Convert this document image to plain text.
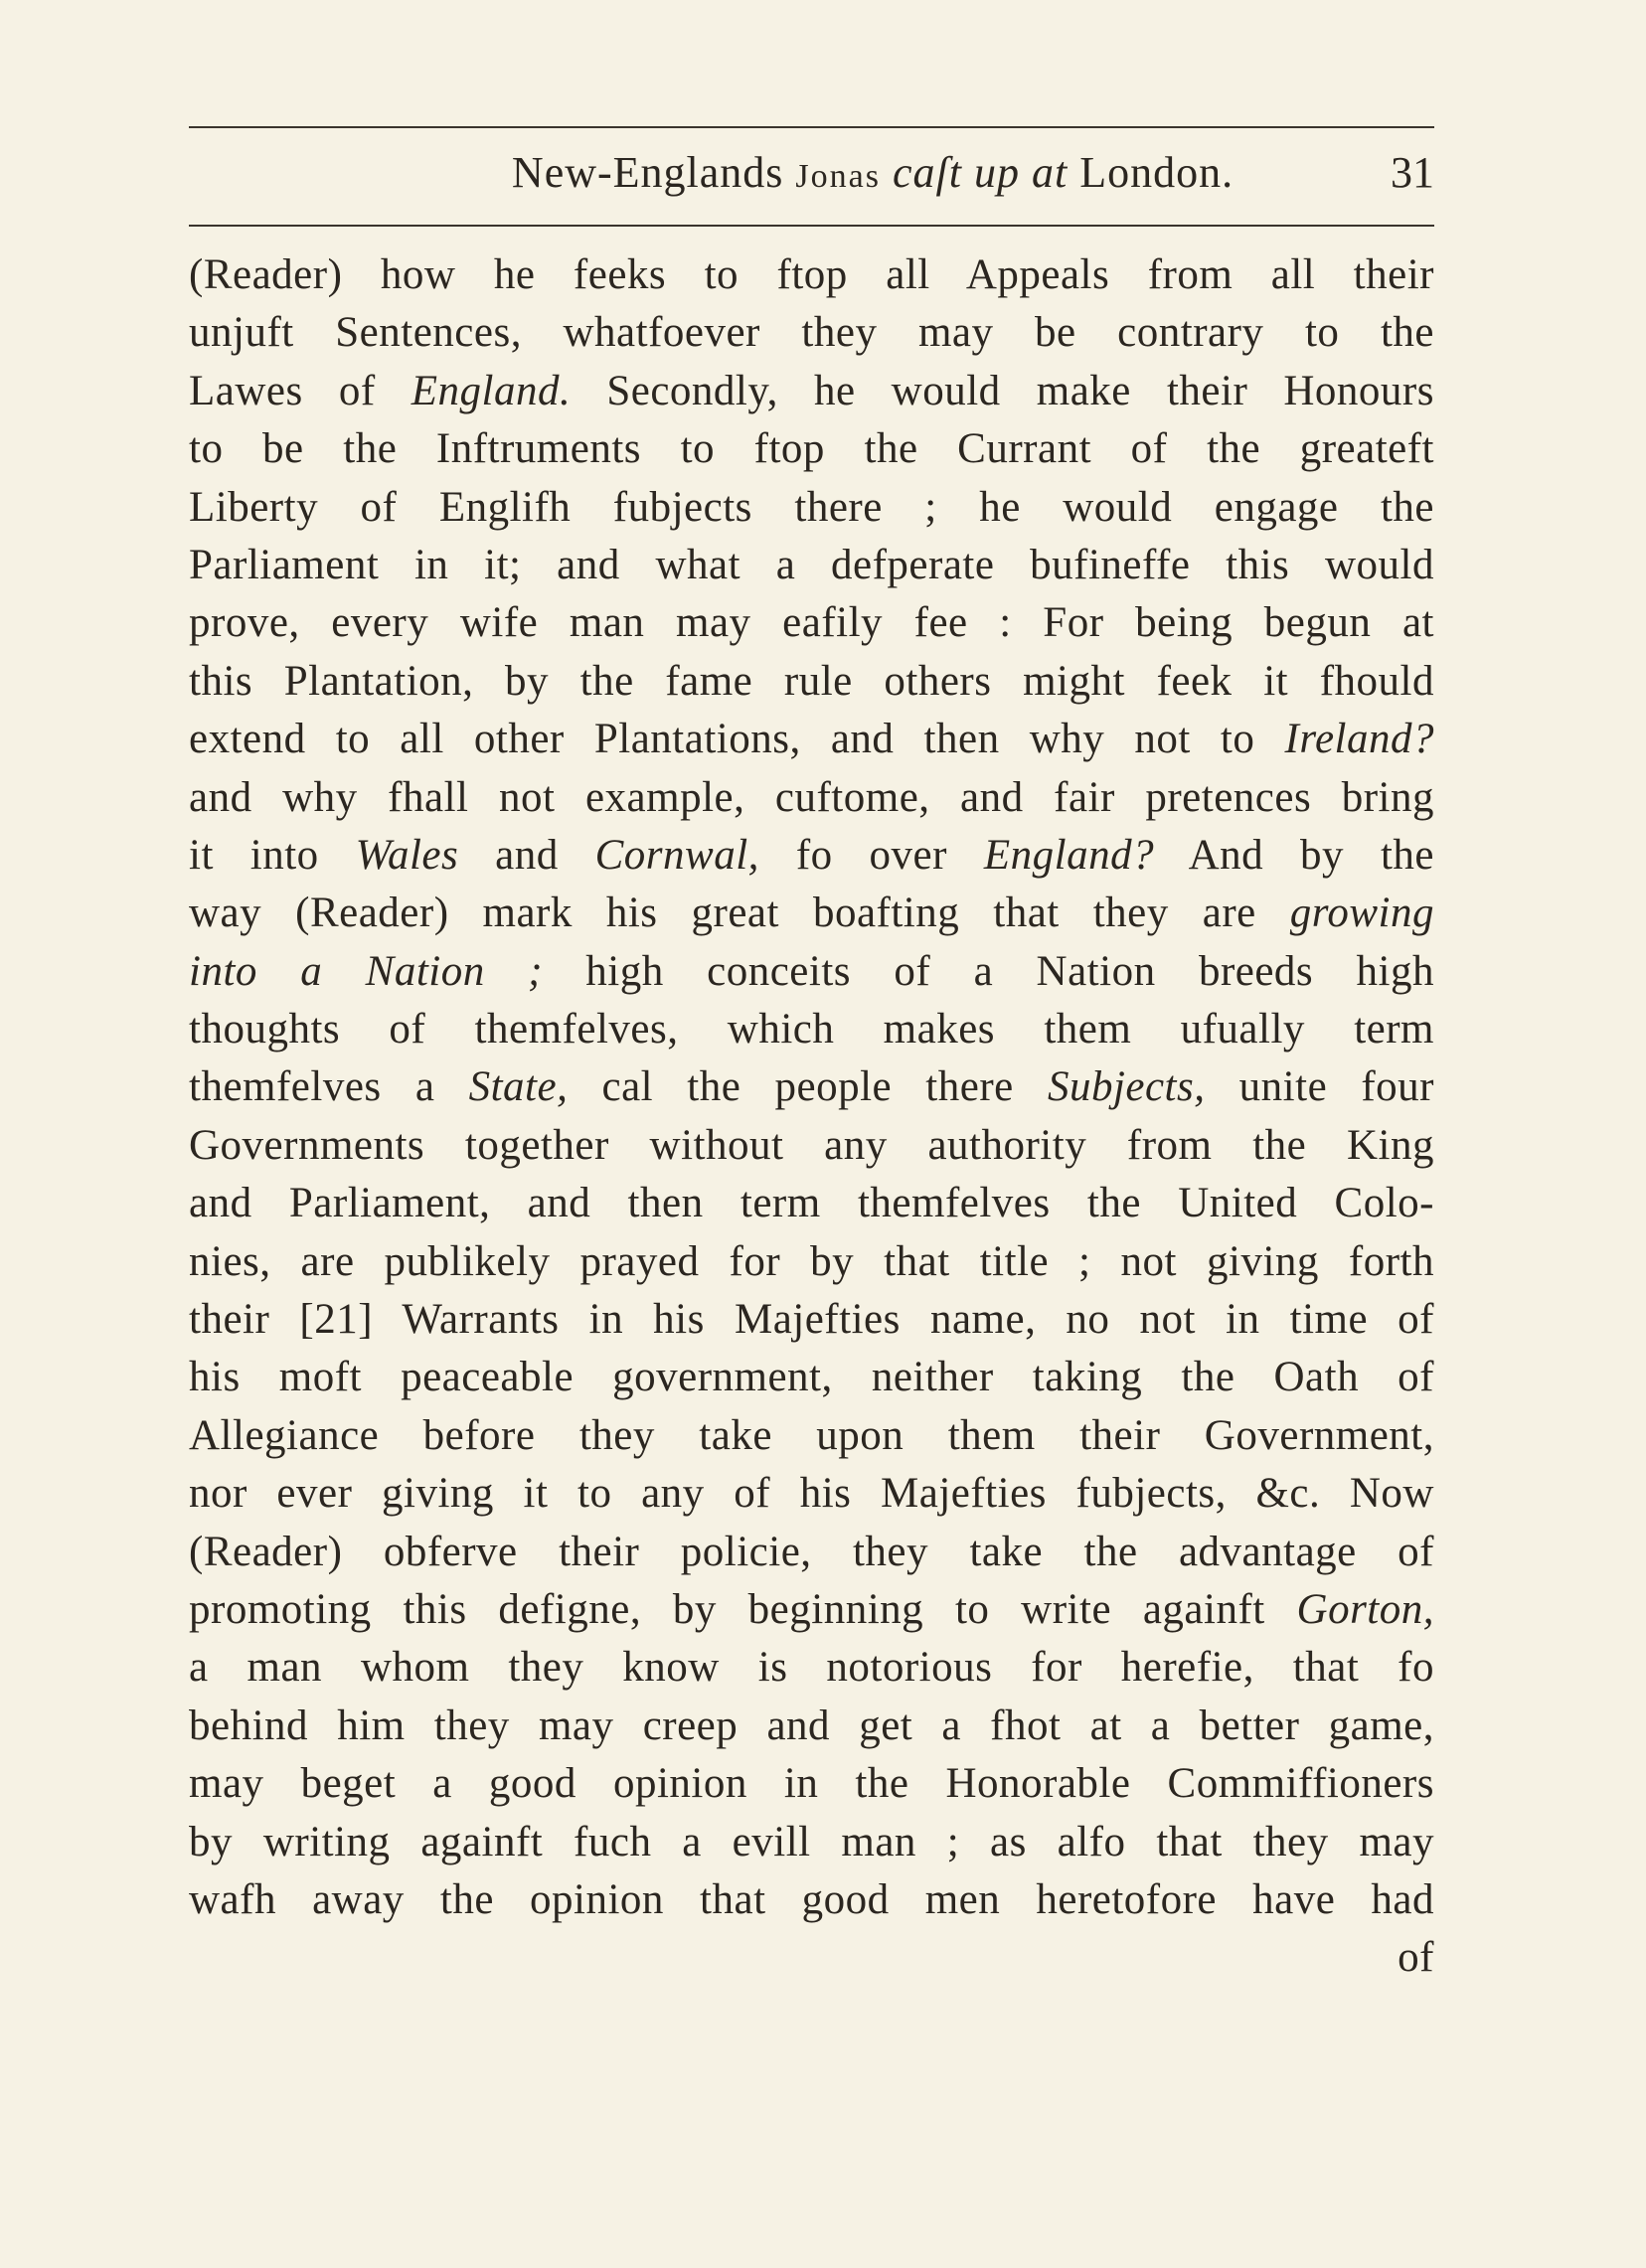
New-Englands Jonas caſt up at London.	31
(Reader) how he feeks to ftop all Appeals from all their
unjuft Sentences, whatfoever they may be contrary to the
Lawes of England. Secondly, he would make their Honours
to be the Inftruments to ftop the Currant of the greateft
Liberty of Englifh fubjects there ; he would engage the
Parliament in it; and what a defperate bufineffe this would
prove, every wife man may eafily fee : For being begun at
this Plantation, by the fame rule others might feek it fhould
extend to all other Plantations, and then why not to Ireland?
and why fhall not example, cuftome, and fair pretences bring
it into Wales and Cornwal, fo over England? And by the
way (Reader) mark his great boafting that they are growing
into a Nation ; high conceits of a Nation breeds high
thoughts of themfelves, which makes them ufually term
themfelves a State, cal the people there Subjects, unite four
Governments together without any authority from the King
and Parliament, and then term themfelves the United Colo-
nies, are publikely prayed for by that title ; not giving forth
their [21] Warrants in his Majefties name, no not in time of
his moft peaceable government, neither taking the Oath of
Allegiance before they take upon them their Government,
nor ever giving it to any of his Majefties fubjects, &c. Now
(Reader) obferve their policie, they take the advantage of
promoting this defigne, by beginning to write againft Gorton,
a man whom they know is notorious for herefie, that fo
behind him they may creep and get a fhot at a better game,
may beget a good opinion in the Honorable Commiffioners
by writing againft fuch a evill man ; as alfo that they may
wafh away the opinion that good men heretofore have had
of
